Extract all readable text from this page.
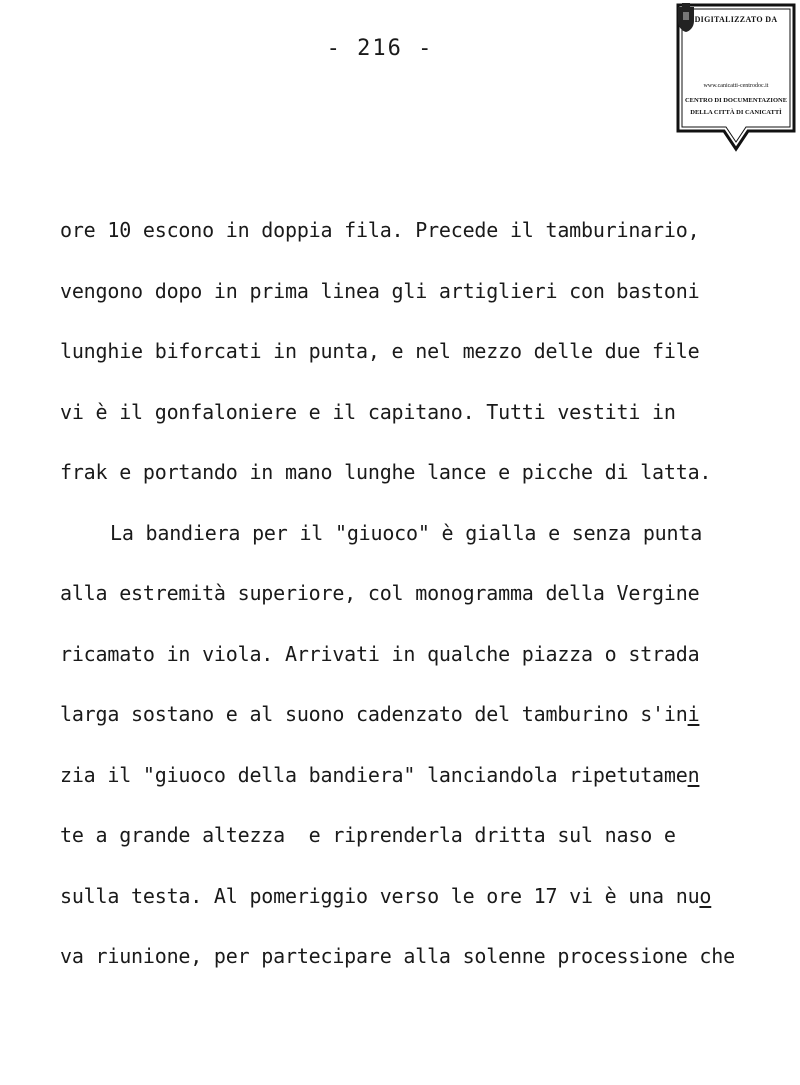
- 216 -
DIGITALIZZATO DA
www.canicatti-centrodoc.it
CENTRO DI DOCUMENTAZIONE
DELLA CITTÀ DI CANICATTÌ
ore 10 escono in doppia fila. Precede il tamburinario,
vengono dopo in prima linea gli artiglieri con bastoni
lunghie biforcati in punta, e nel mezzo delle due file
vi è il gonfaloniere e il capitano. Tutti vestiti in
frak e portando in mano lunghe lance e picche di latta.
La bandiera per il "giuoco" è gialla e senza punta
alla estremità superiore, col monogramma della Vergine
ricamato in viola. Arrivati in qualche piazza o strada
larga sostano e al suono cadenzato del tamburino s'ini
zia il "giuoco della bandiera" lanciandola ripetutamen
te a grande altezza  e riprenderla dritta sul naso e
sulla testa. Al pomeriggio verso le ore 17 vi è una nuo
va riunione, per partecipare alla solenne processione che
